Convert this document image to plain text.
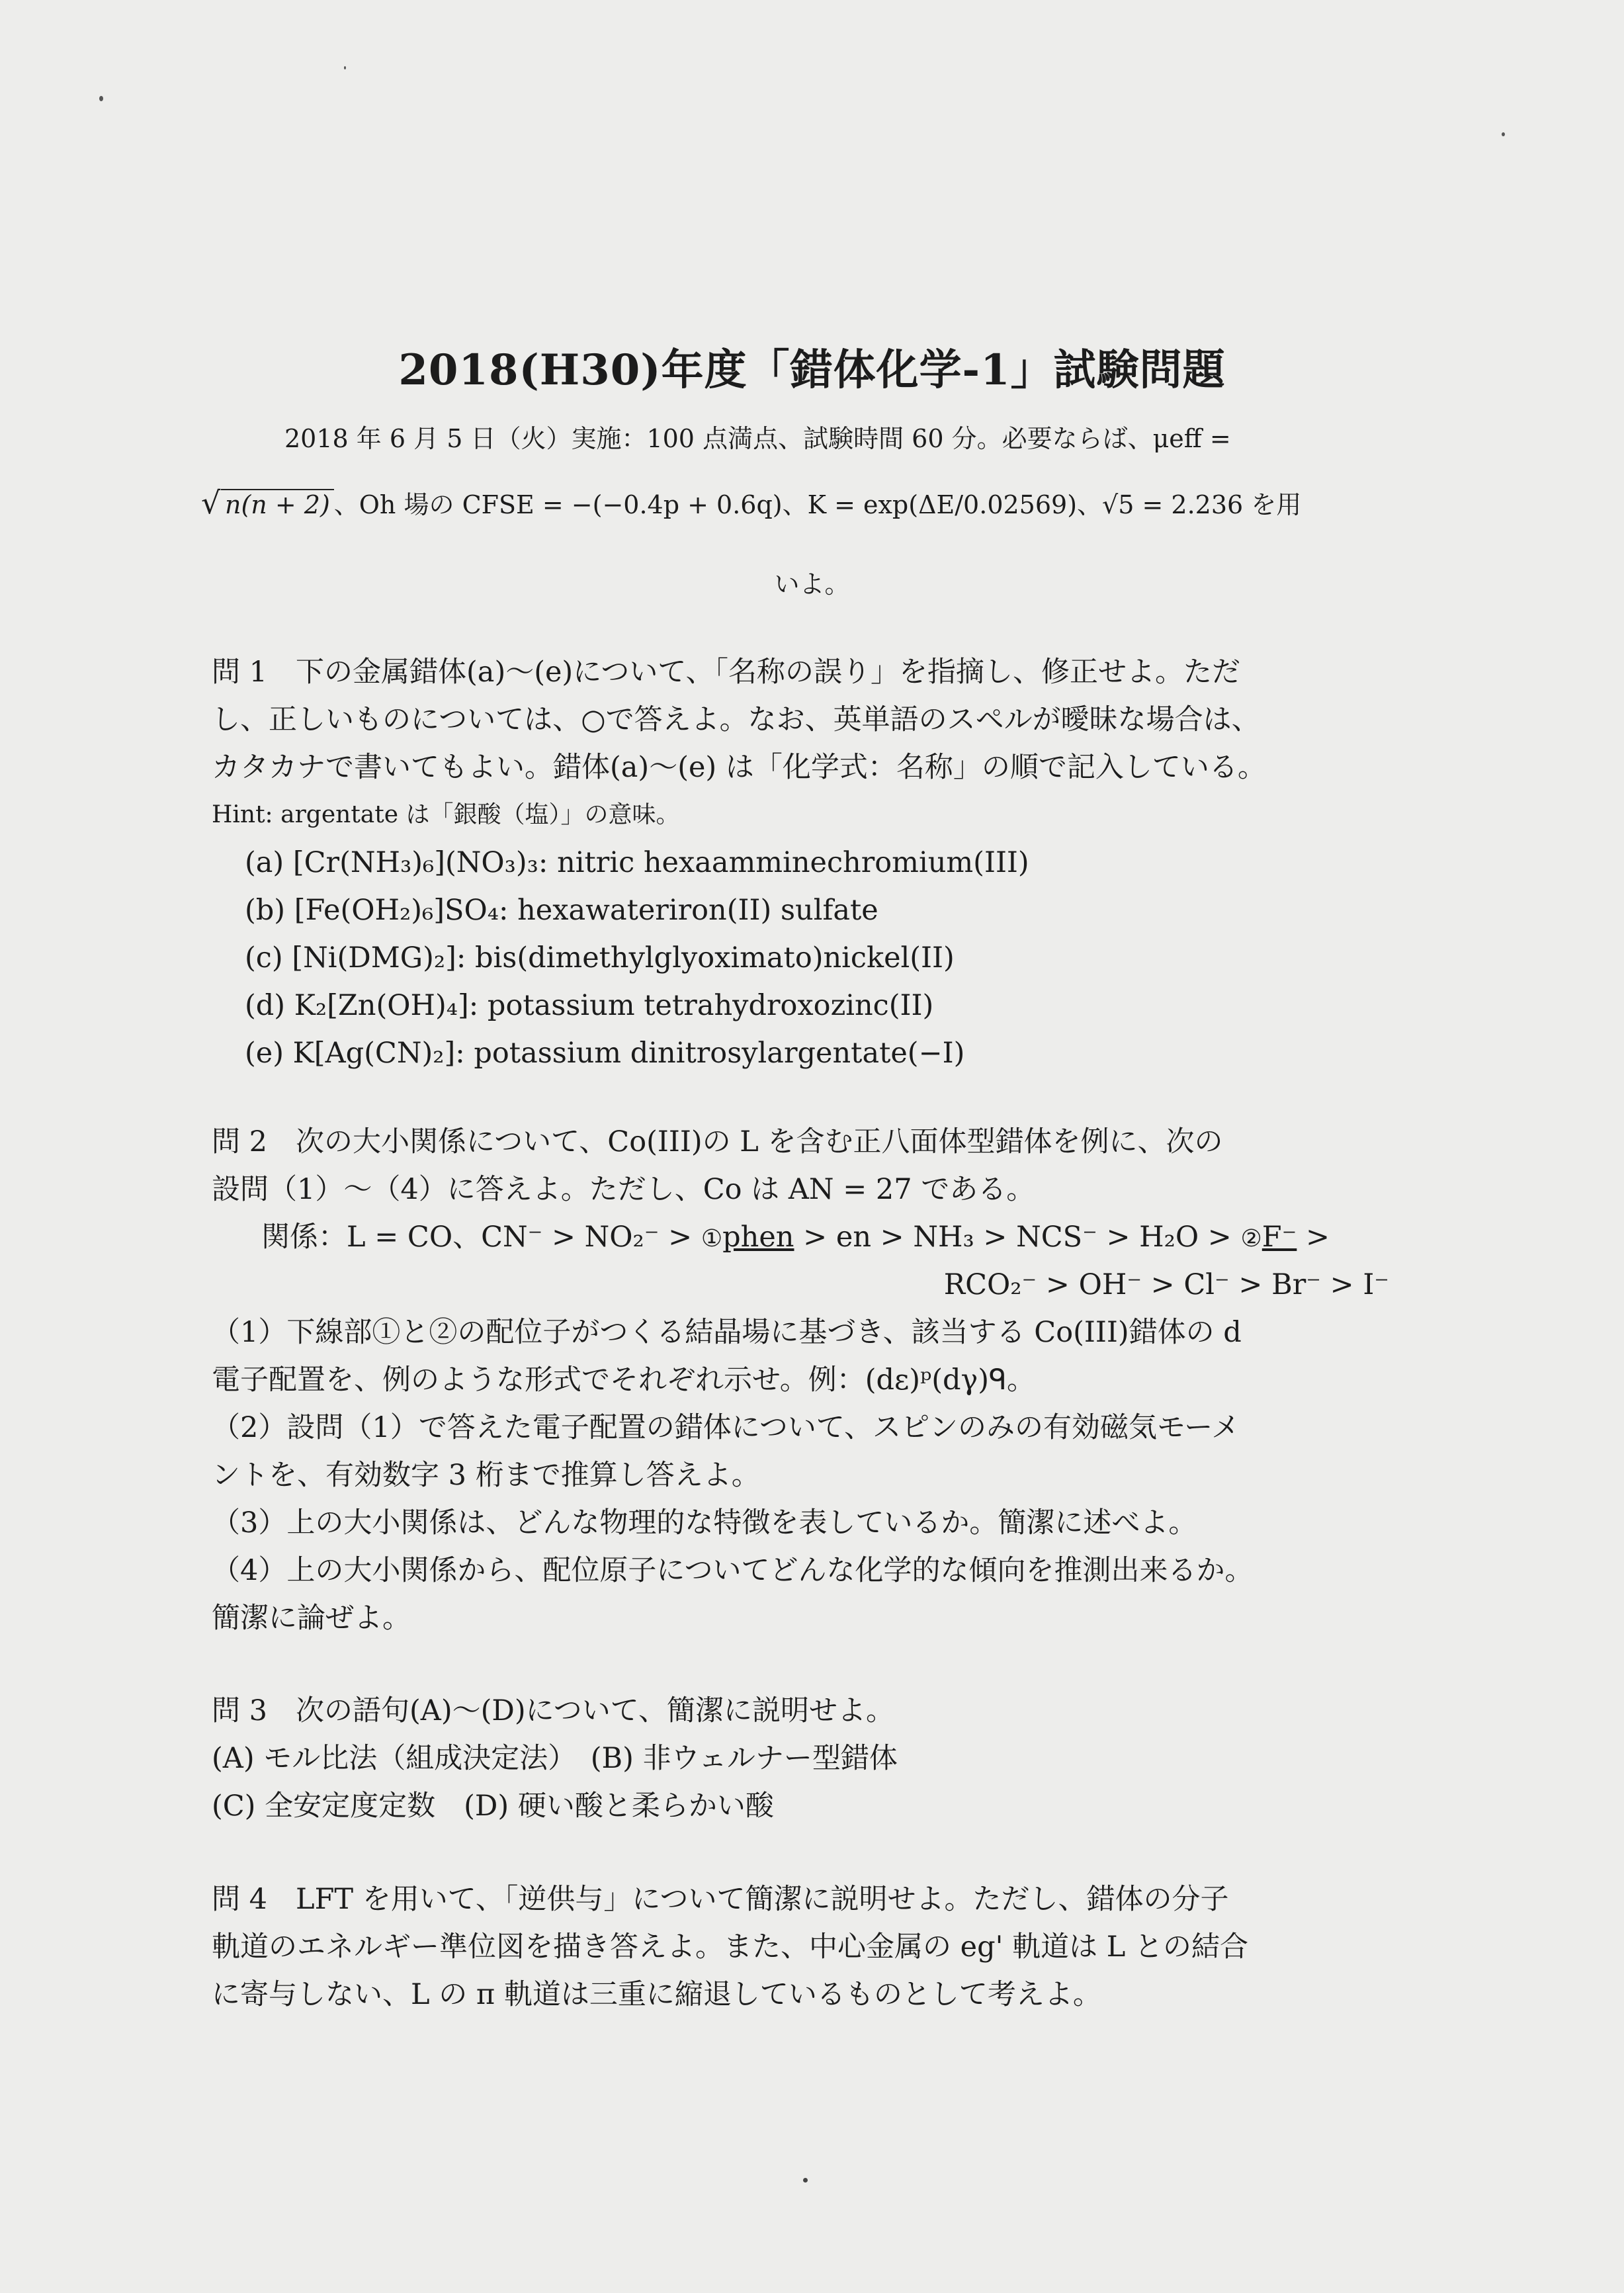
2018(H30)年度「錯体化学-1」試験問題
2018 年 6 月 5 日（火）実施：100 点満点、試験時間 60 分。必要ならば、μeff =
√ n(n + 2) 、Oh 場の CFSE = −(−0.4p + 0.6q)、K = exp(ΔE/0.02569)、√5 = 2.236 を用
いよ。
問 1　下の金属錯体(a)〜(e)について、「名称の誤り」を指摘し、修正せよ。ただ
し、正しいものについては、○で答えよ。なお、英単語のスペルが曖昧な場合は、
カタカナで書いてもよい。錯体(a)〜(e) は「化学式：名称」の順で記入している。
Hint: argentate は「銀酸（塩）」の意味。
(a) [Cr(NH₃)₆](NO₃)₃: nitric hexaamminechromium(III)
(b) [Fe(OH₂)₆]SO₄: hexawateriron(II) sulfate
(c) [Ni(DMG)₂]: bis(dimethylglyoximato)nickel(II)
(d) K₂[Zn(OH)₄]: potassium tetrahydroxozinc(II)
(e) K[Ag(CN)₂]: potassium dinitrosylargentate(−I)
問 2　次の大小関係について、Co(III)の L を含む正八面体型錯体を例に、次の
設問（1）〜（4）に答えよ。ただし、Co は AN = 27 である。
関係：L = CO、CN⁻ > NO₂⁻ > ①phen > en > NH₃ > NCS⁻ > H₂O > ②F⁻ >
RCO₂⁻ > OH⁻ > Cl⁻ > Br⁻ > I⁻
（1）下線部①と②の配位子がつくる結晶場に基づき、該当する Co(III)錯体の d
電子配置を、例のような形式でそれぞれ示せ。例：(dε)ᵖ(dγ)ᑫ。
（2）設問（1）で答えた電子配置の錯体について、スピンのみの有効磁気モーメ
ントを、有効数字 3 桁まで推算し答えよ。
（3）上の大小関係は、どんな物理的な特徴を表しているか。簡潔に述べよ。
（4）上の大小関係から、配位原子についてどんな化学的な傾向を推測出来るか。
簡潔に論ぜよ。
問 3　次の語句(A)〜(D)について、簡潔に説明せよ。
(A) モル比法（組成決定法）　(B) 非ウェルナー型錯体
(C) 全安定度定数　(D) 硬い酸と柔らかい酸
問 4　LFT を用いて、「逆供与」について簡潔に説明せよ。ただし、錯体の分子
軌道のエネルギー準位図を描き答えよ。また、中心金属の eg' 軌道は L との結合
に寄与しない、L の π 軌道は三重に縮退しているものとして考えよ。
